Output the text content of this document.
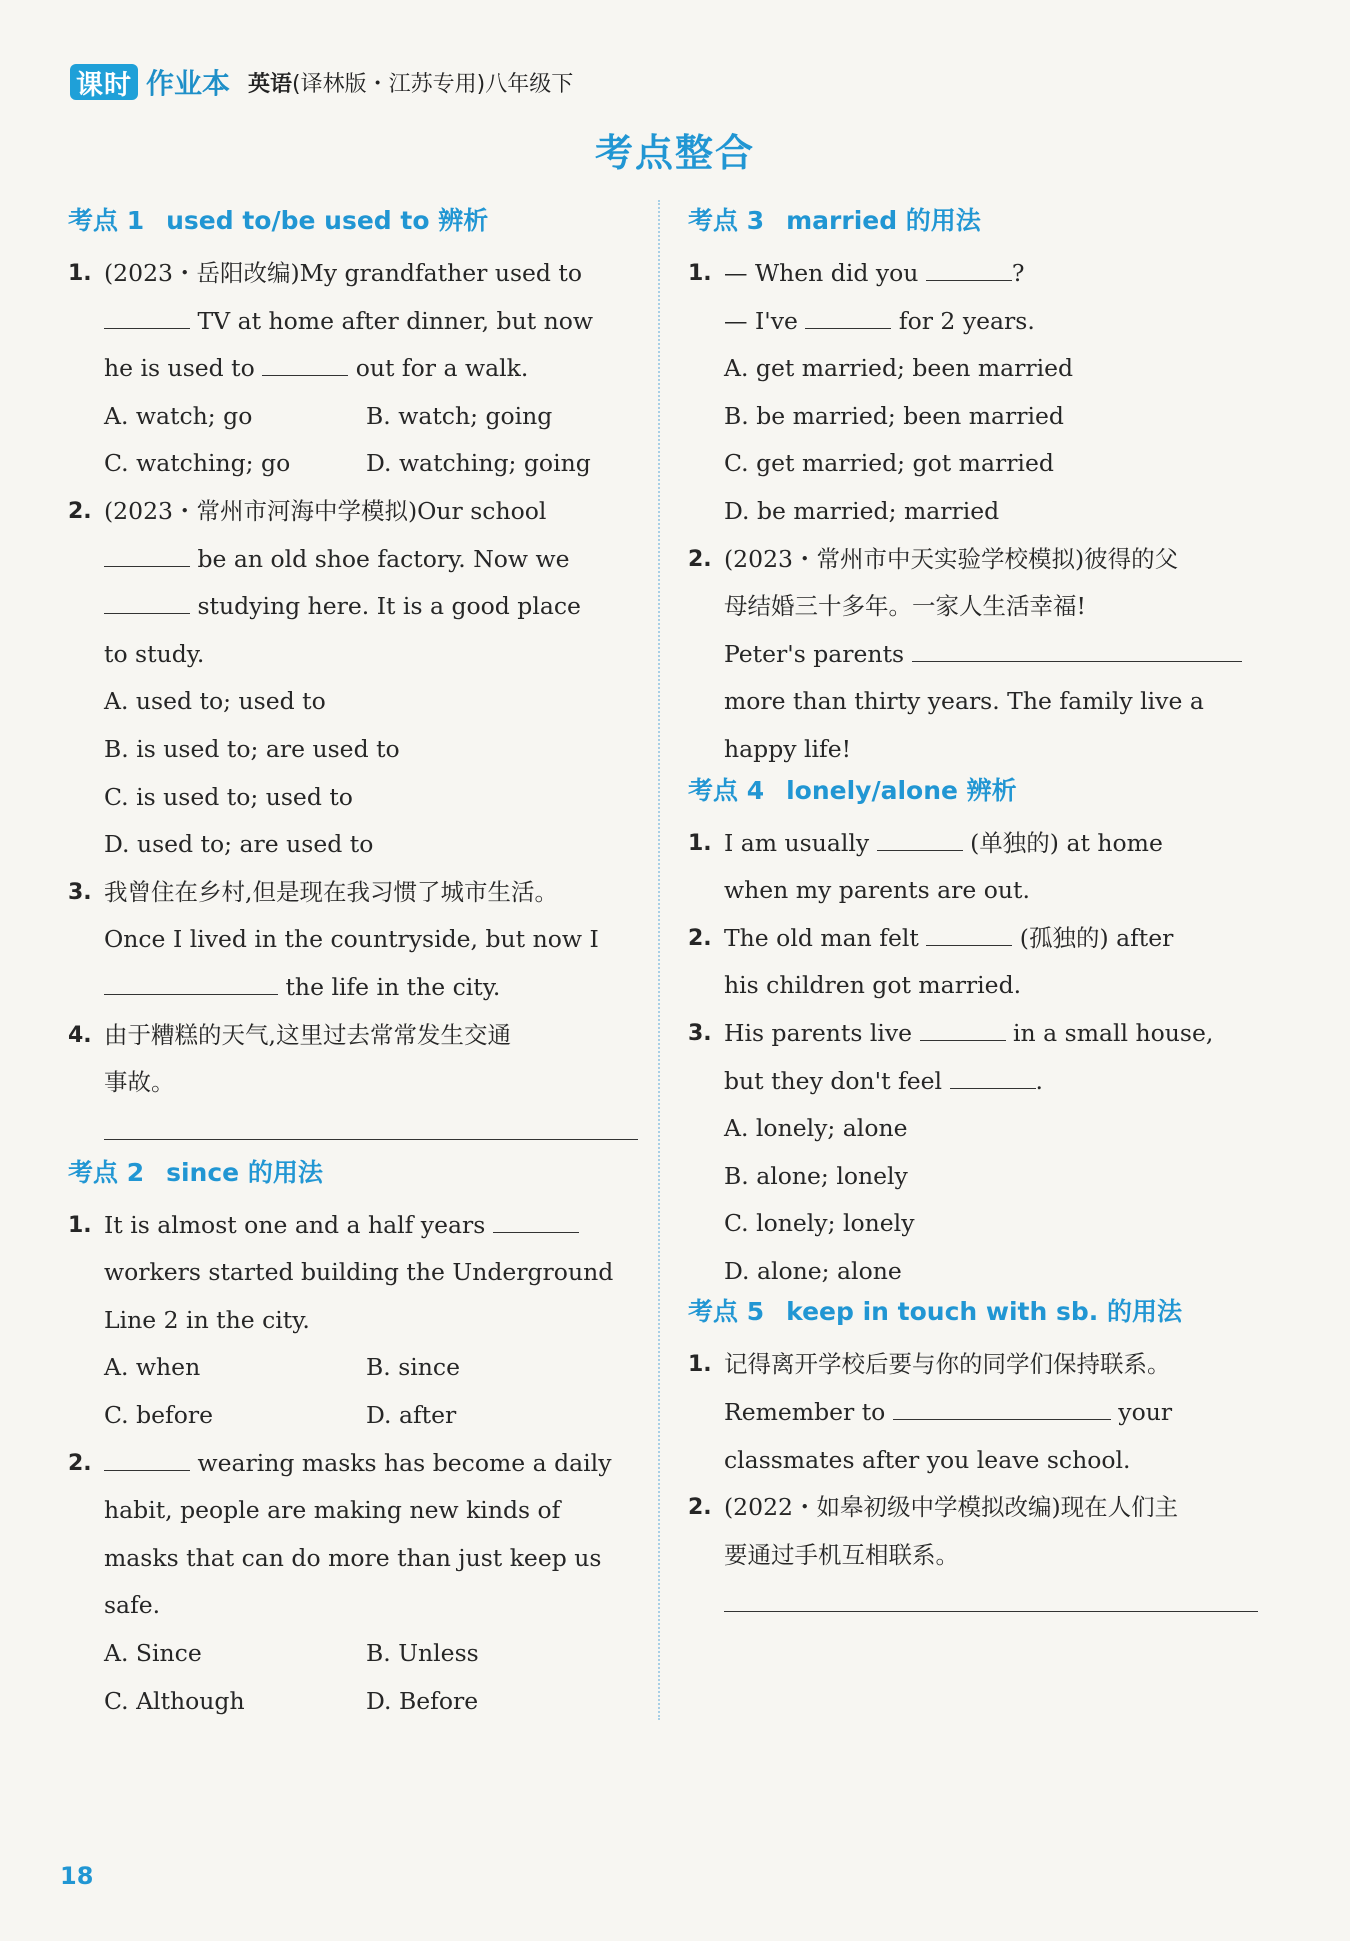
课时 作业本 英语(译林版・江苏专用)八年级下
考点整合
考点 1 used to/be used to 辨析
1. (2023・岳阳改编)My grandfather used to
TV at home after dinner, but now
he is used to	out for a walk.
A. watch; go	B. watch; going
C. watching; go	D. watching; going
2. (2023・常州市河海中学模拟)Our school
be an old shoe factory. Now we
studying here. It is a good place
to study.
A. used to; used to
B. is used to; are used to
C. is used to; used to
D. used to; are used to
3. 我曾住在乡村,但是现在我习惯了城市生活。
Once I lived in the countryside, but now I
the life in the city.
4. 由于糟糕的天气,这里过去常常发生交通
事故。
考点 2 since 的用法
1. It is almost one and a half years
workers started building the Underground
Line 2 in the city.
A. when	B. since
C. before	D. after
2.	wearing masks has become a daily
habit, people are making new kinds of
masks that can do more than just keep us
safe.
A. Since	B. Unless
C. Although	D. Before
考点 3 married 的用法
1. — When did you	?
— I've	for 2 years.
A. get married; been married
B. be married; been married
C. get married; got married
D. be married; married
2. (2023・常州市中天实验学校模拟)彼得的父
母结婚三十多年。一家人生活幸福!
Peter's parents
more than thirty years. The family live a
happy life!
考点 4 lonely/alone 辨析
1. I am usually	(单独的) at home
when my parents are out.
2. The old man felt	(孤独的) after
his children got married.
3. His parents live	in a small house,
but they don't feel	.
A. lonely; alone
B. alone; lonely
C. lonely; lonely
D. alone; alone
考点 5 keep in touch with sb. 的用法
1. 记得离开学校后要与你的同学们保持联系。
Remember to	your
classmates after you leave school.
2. (2022・如皋初级中学模拟改编)现在人们主
要通过手机互相联系。
18
